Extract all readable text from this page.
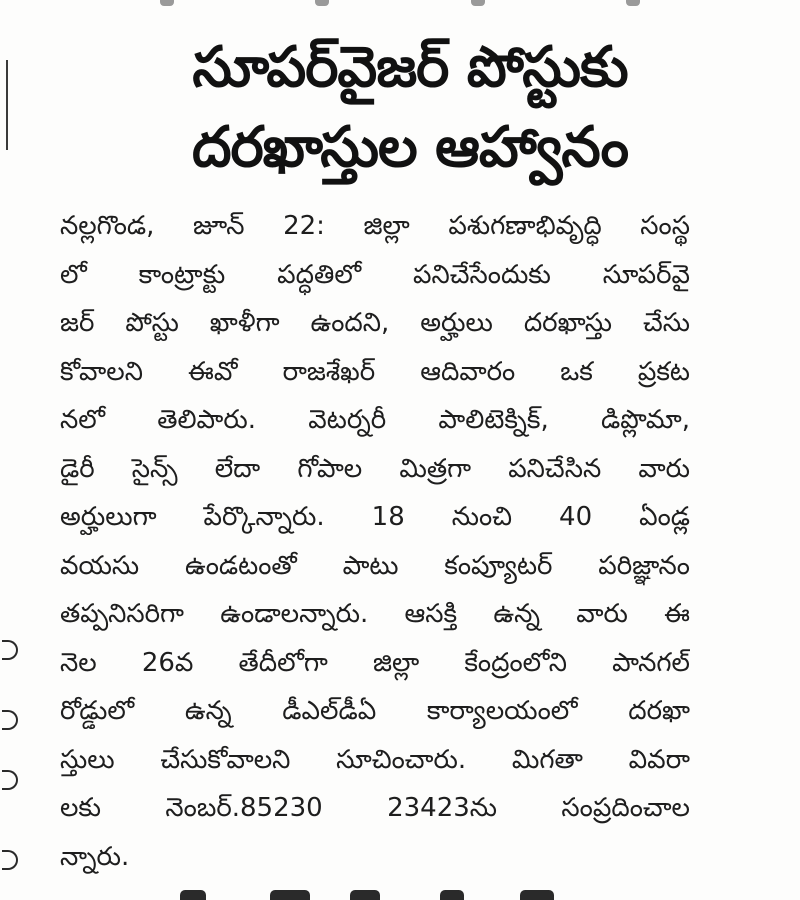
సూపర్‌వైజర్ పోస్టుకు
దరఖాస్తుల ఆహ్వానం
నల్లగొండ, జూన్ 22: జిల్లా పశుగణాభివృద్ధి సంస్థ
లో కాంట్రాక్టు పద్ధతిలో పనిచేసేందుకు సూపర్‌వై
జర్ పోస్టు ఖాళీగా ఉందని, అర్హులు దరఖాస్తు చేసు
కోవాలని ఈవో రాజశేఖర్ ఆదివారం ఒక ప్రకట
నలో తెలిపారు. వెటర్నరీ పాలిటెక్నిక్, డిప్లొమా,
డైరీ సైన్స్ లేదా గోపాల మిత్రగా పనిచేసిన వారు
అర్హులుగా పేర్కొన్నారు. 18 నుంచి 40 ఏండ్ల
వయసు ఉండటంతో పాటు కంప్యూటర్ పరిజ్ఞానం
తప్పనిసరిగా ఉండాలన్నారు. ఆసక్తి ఉన్న వారు ఈ
నెల 26వ తేదీలోగా జిల్లా కేంద్రంలోని పానగల్
రోడ్డులో ఉన్న డీఎల్‌డీఏ కార్యాలయంలో దరఖా
స్తులు చేసుకోవాలని సూచించారు. మిగతా వివరా
లకు నెంబర్.85230 23423ను సంప్రదించాల
న్నారు.
